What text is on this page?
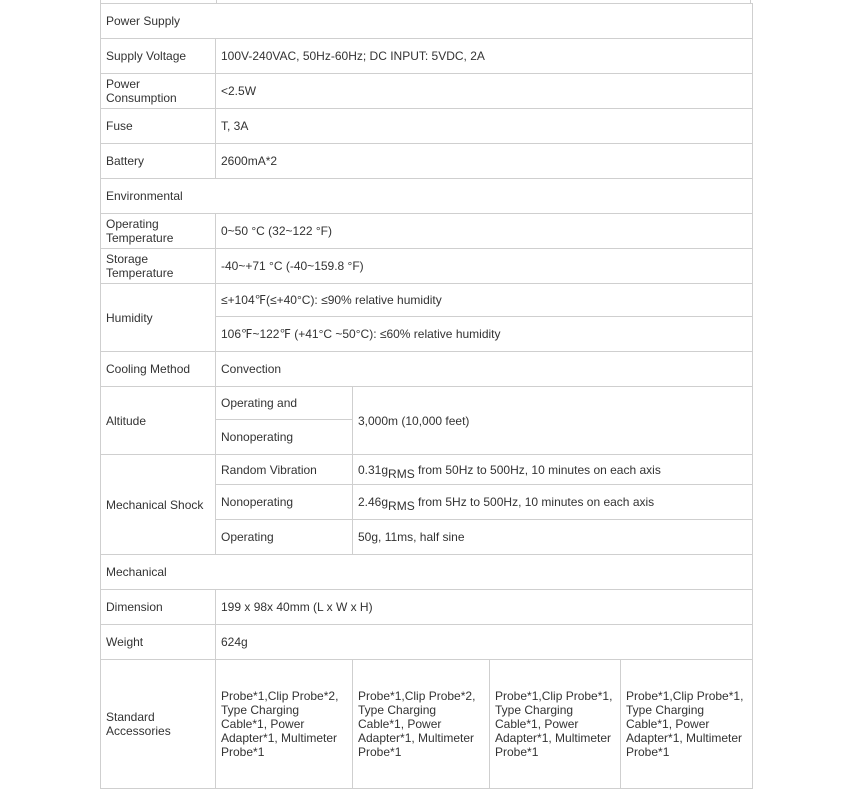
Power Supply				
Supply Voltage	100V-240VAC, 50Hz-60Hz; DC INPUT: 5VDC, 2A			
Power Consumption	<2.5W			
Fuse	T, 3A			
Battery	2600mA*2			
Environmental				
Operating Temperature	0~50 °C (32~122 °F)			
Storage Temperature	-40~+71 °C (-40~159.8 °F)			
Humidity	≤+104℉(≤+40°C): ≤90% relative humidity			
	106℉~122℉ (+41°C ~50°C): ≤60% relative humidity			
Cooling Method	Convection			
Altitude	Operating and	3,000m (10,000 feet)		
	Nonoperating			
Mechanical Shock	Random Vibration	$0.31g_{RMS}$ from 50Hz to 500Hz, 10 minutes on each axis		
	Nonoperating	$2.46g_{RMS}$ from 5Hz to 500Hz, 10 minutes on each axis		
	Operating	50g, 11ms, half sine		
Mechanical				
Dimension	199 x 98x 40mm (L x W x H)			
Weight	624g			
Standard Accessories	Probe*1,Clip Probe*2, Type Charging Cable*1, Power Adapter*1, Multimeter Probe*1	Probe*1,Clip Probe*2, Type Charging Cable*1, Power Adapter*1, Multimeter Probe*1	Probe*1,Clip Probe*1, Type Charging Cable*1, Power Adapter*1, Multimeter Probe*1	Probe*1,Clip Probe*1, Type Charging Cable*1, Power Adapter*1, Multimeter Probe*1
